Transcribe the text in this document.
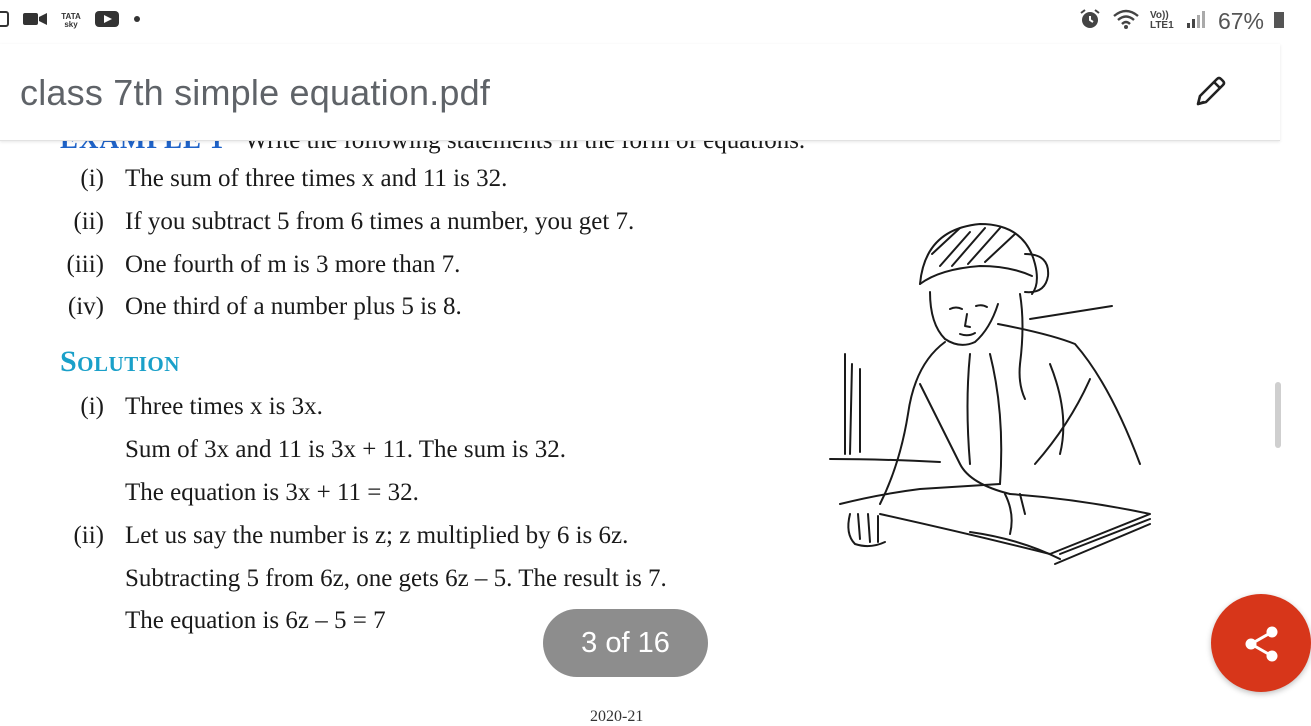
TATA sky
Vo)) LTE1 67%
class 7th simple equation.pdf
(i) The sum of three times x and 11 is 32.
(ii) If you subtract 5 from 6 times a number, you get 7.
(iii) One fourth of m is 3 more than 7.
(iv) One third of a number plus 5 is 8.
Solution
(i) Three times x is 3x.
Sum of 3x and 11 is 3x + 11. The sum is 32.
The equation is 3x + 11 = 32.
(ii) Let us say the number is z; z multiplied by 6 is 6z.
Subtracting 5 from 6z, one gets 6z – 5. The result is 7.
The equation is 6z – 5 = 7
3 of 16
2020-21
